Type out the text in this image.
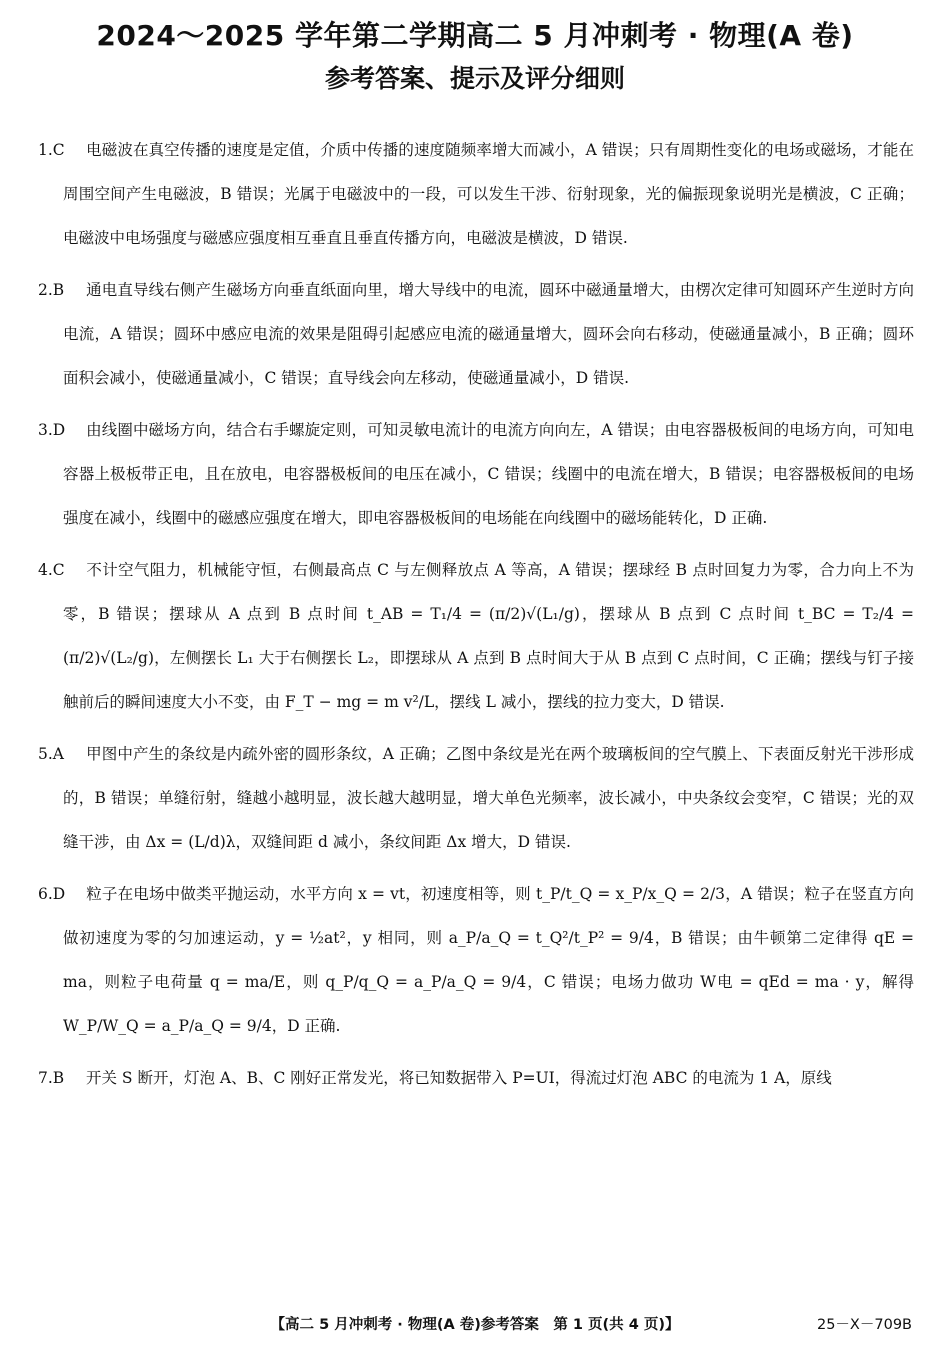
2024～2025 学年第二学期高二 5 月冲刺考 · 物理(A 卷)
参考答案、提示及评分细则

1.C 电磁波在真空传播的速度是定值，介质中传播的速度随频率增大而减小，A 错误；只有周期性变化的电场或磁场，才能在周围空间产生电磁波，B 错误；光属于电磁波中的一段，可以发生干涉、衍射现象，光的偏振现象说明光是横波，C 正确；电磁波中电场强度与磁感应强度相互垂直且垂直传播方向，电磁波是横波，D 错误.

2.B 通电直导线右侧产生磁场方向垂直纸面向里，增大导线中的电流，圆环中磁通量增大，由楞次定律可知圆环产生逆时方向电流，A 错误；圆环中感应电流的效果是阻碍引起感应电流的磁通量增大，圆环会向右移动，使磁通量减小，B 正确；圆环面积会减小，使磁通量减小，C 错误；直导线会向左移动，使磁通量减小，D 错误.

3.D 由线圈中磁场方向，结合右手螺旋定则，可知灵敏电流计的电流方向向左，A 错误；由电容器极板间的电场方向，可知电容器上极板带正电，且在放电，电容器极板间的电压在减小，C 错误；线圈中的电流在增大，B 错误；电容器极板间的电场强度在减小，线圈中的磁感应强度在增大，即电容器极板间的电场能在向线圈中的磁场能转化，D 正确.

4.C 不计空气阻力，机械能守恒，右侧最高点 C 与左侧释放点 A 等高，A 错误；摆球经 B 点时回复力为零，合力向上不为零，B 错误；摆球从 A 点到 B 点时间 t_AB = T₁/4 = (π/2)√(L₁/g)，摆球从 B 点到 C 点时间 t_BC = T₂/4 = (π/2)√(L₂/g)，左侧摆长 L₁ 大于右侧摆长 L₂，即摆球从 A 点到 B 点时间大于从 B 点到 C 点时间，C 正确；摆线与钉子接触前后的瞬间速度大小不变，由 F_T − mg = m v²/L，摆线 L 减小，摆线的拉力变大，D 错误.

5.A 甲图中产生的条纹是内疏外密的圆形条纹，A 正确；乙图中条纹是光在两个玻璃板间的空气膜上、下表面反射光干涉形成的，B 错误；单缝衍射，缝越小越明显，波长越大越明显，增大单色光频率，波长减小，中央条纹会变窄，C 错误；光的双缝干涉，由 Δx = (L/d)λ，双缝间距 d 减小，条纹间距 Δx 增大，D 错误.

6.D 粒子在电场中做类平抛运动，水平方向 x = vt，初速度相等，则 t_P/t_Q = x_P/x_Q = 2/3，A 错误；粒子在竖直方向做初速度为零的匀加速运动，y = ½at²，y 相同，则 a_P/a_Q = t_Q²/t_P² = 9/4，B 错误；由牛顿第二定律得 qE = ma，则粒子电荷量 q = ma/E，则 q_P/q_Q = a_P/a_Q = 9/4，C 错误；电场力做功 W电 = qEd = ma · y，解得 W_P/W_Q = a_P/a_Q = 9/4，D 正确.

7.B 开关 S 断开，灯泡 A、B、C 刚好正常发光，将已知数据带入 P=UI，得流过灯泡 ABC 的电流为 1 A，原线

【高二 5 月冲刺考 · 物理(A 卷)参考答案　第 1 页(共 4 页)】	25－X－709B
